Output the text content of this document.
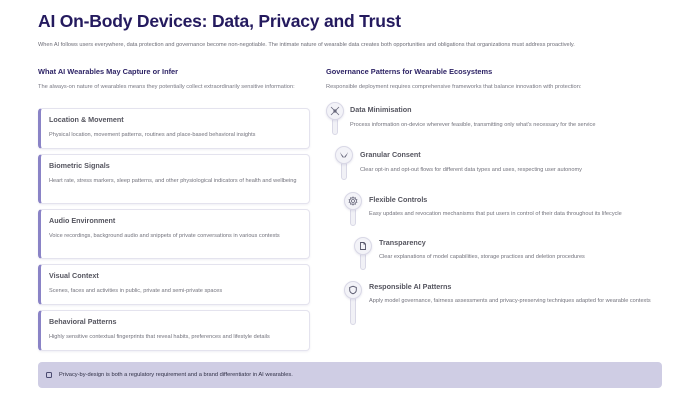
AI On-Body Devices: Data, Privacy and Trust
When AI follows users everywhere, data protection and governance become non-negotiable. The intimate nature of wearable data creates both opportunities and obligations that organizations must address proactively.
What AI Wearables May Capture or Infer
The always-on nature of wearables means they potentially collect extraordinarily sensitive information:
Location & Movement
Physical location, movement patterns, routines and place-based behavioral insights
Biometric Signals
Heart rate, stress markers, sleep patterns, and other physiological indicators of health and wellbeing
Audio Environment
Voice recordings, background audio and snippets of private conversations in various contexts
Visual Context
Scenes, faces and activities in public, private and semi-private spaces
Behavioral Patterns
Highly sensitive contextual fingerprints that reveal habits, preferences and lifestyle details
Governance Patterns for Wearable Ecosystems
Responsible deployment requires comprehensive frameworks that balance innovation with protection:
Data Minimisation
Process information on-device wherever feasible, transmitting only what's necessary for the service
Granular Consent
Clear opt-in and opt-out flows for different data types and uses, respecting user autonomy
Flexible Controls
Easy updates and revocation mechanisms that put users in control of their data throughout its lifecycle
Transparency
Clear explanations of model capabilities, storage practices and deletion procedures
Responsible AI Patterns
Apply model governance, fairness assessments and privacy-preserving techniques adapted for wearable contexts
Privacy-by-design is both a regulatory requirement and a brand differentiator in AI wearables.
